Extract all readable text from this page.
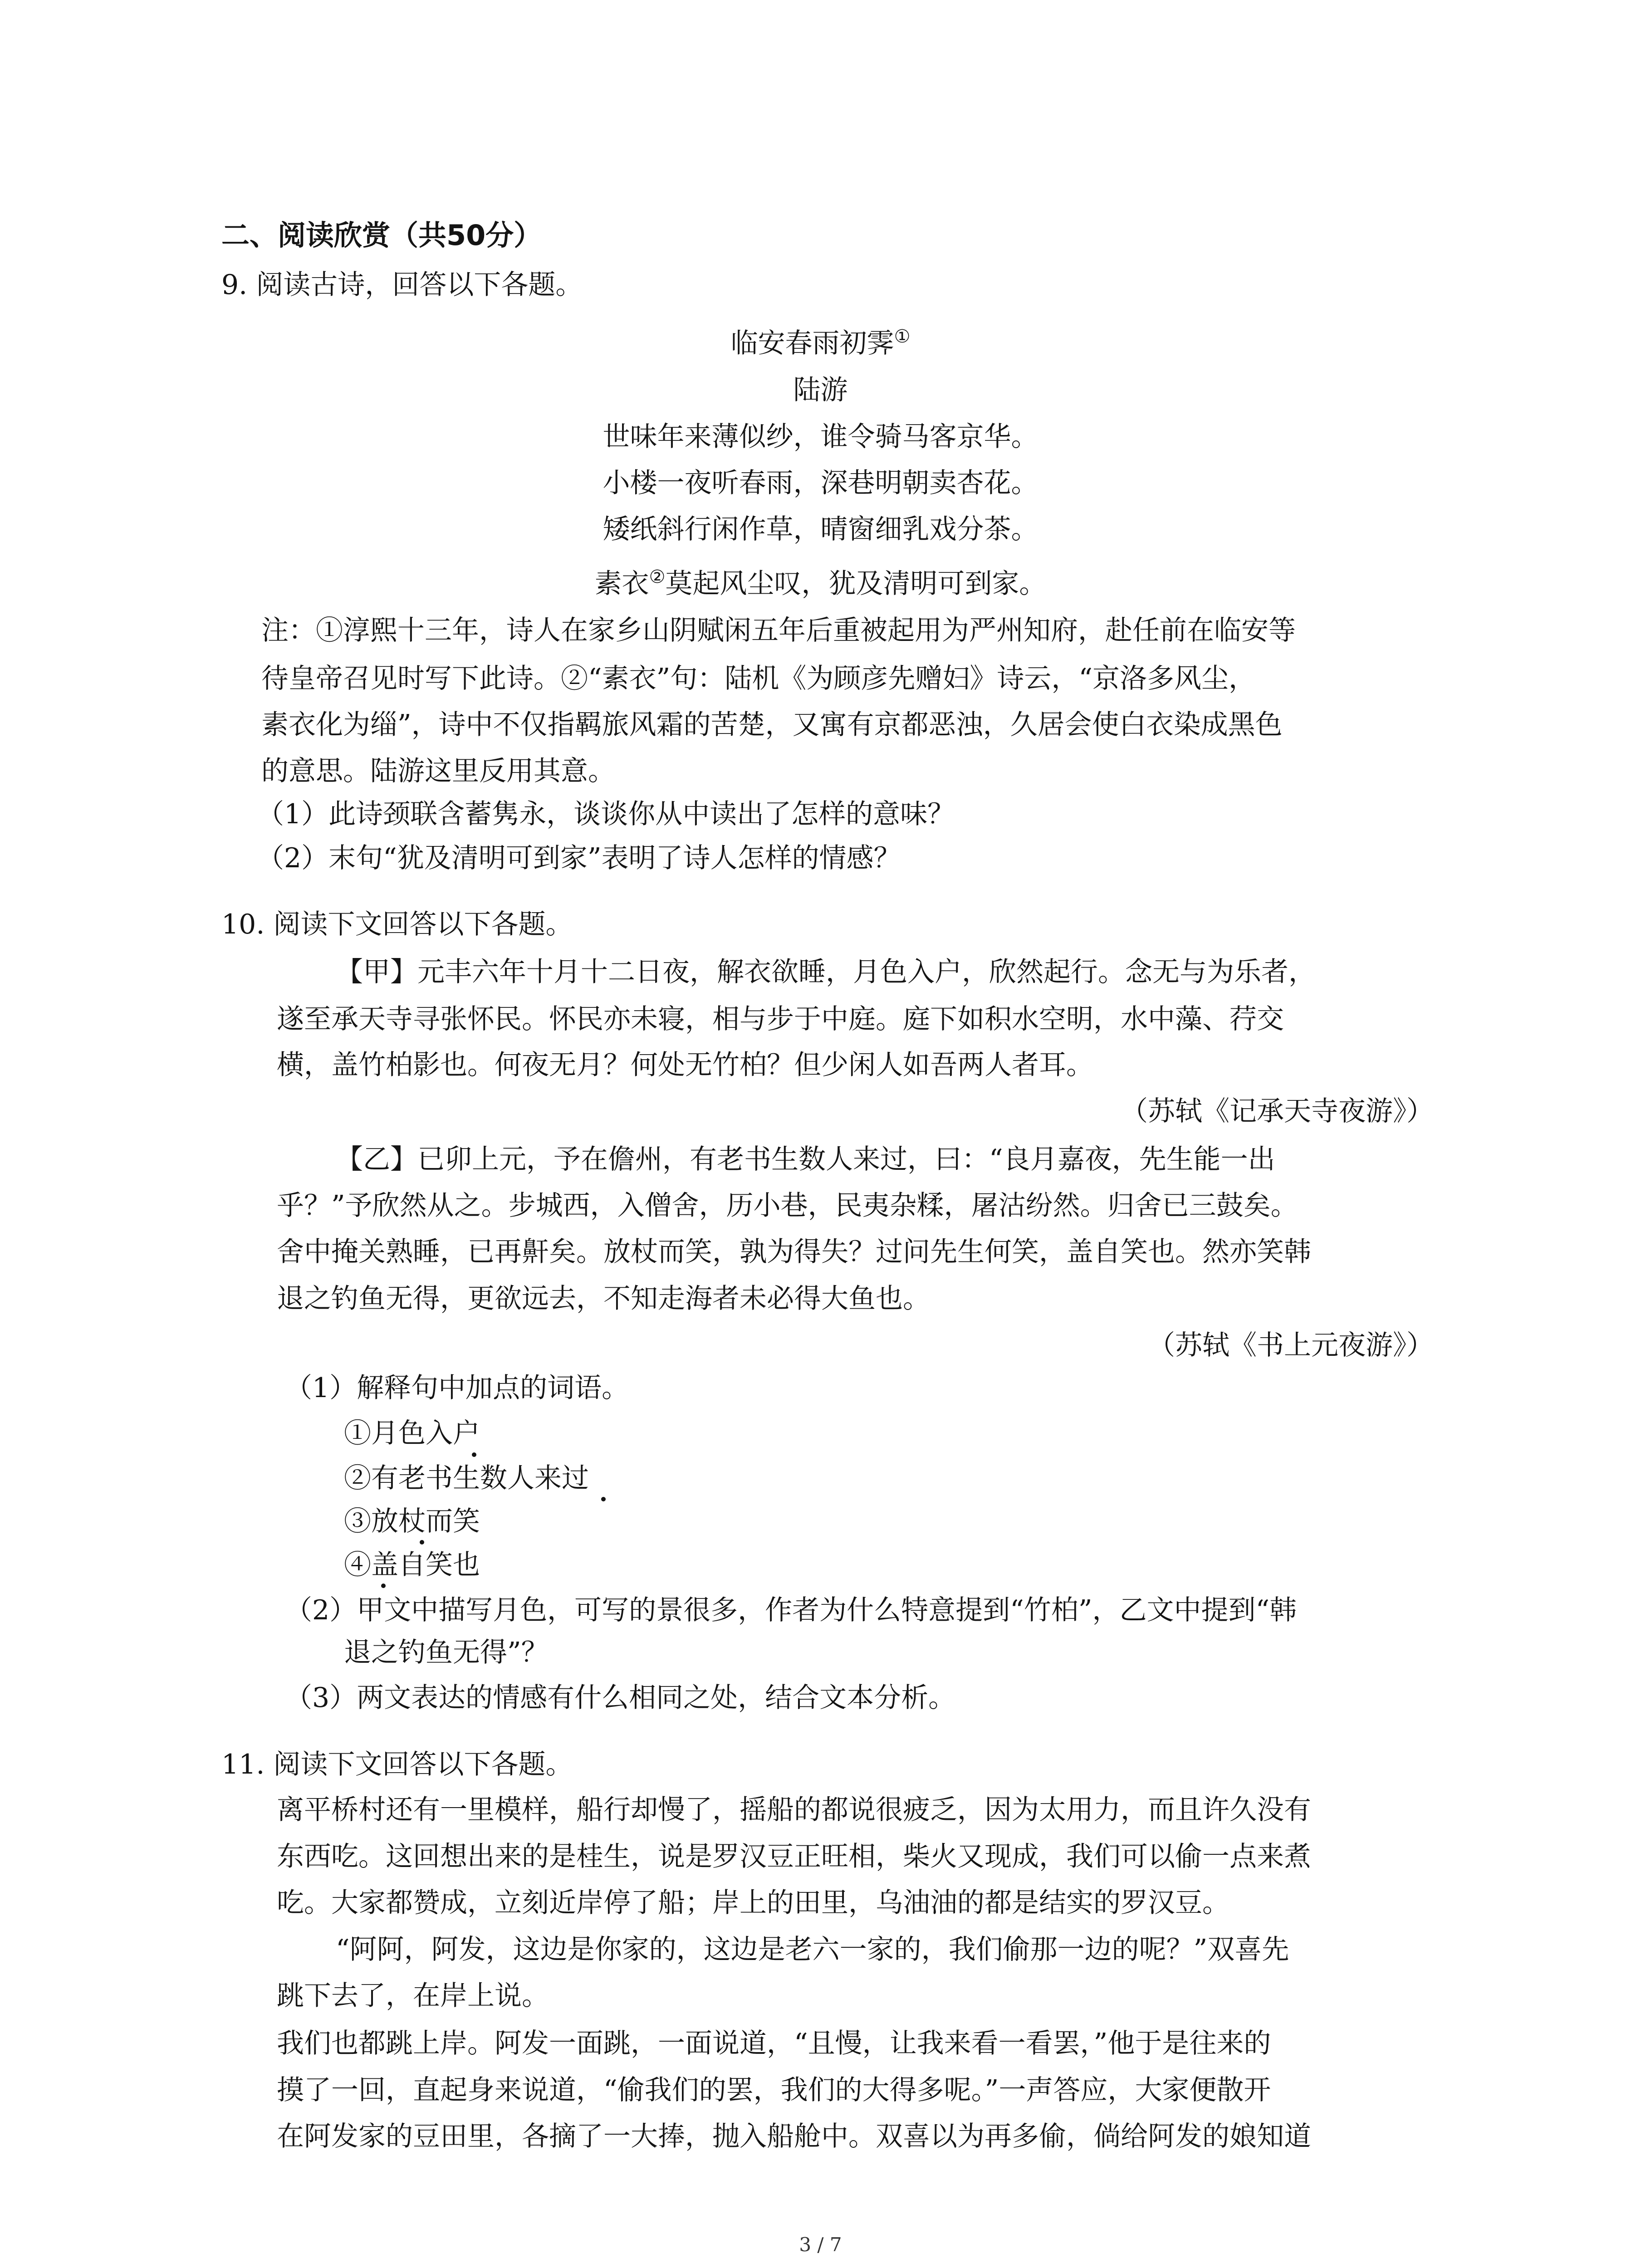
二、阅读欣赏（共50分）
9. 阅读古诗，回答以下各题。
临安春雨初霁①
陆游
世味年来薄似纱，谁令骑马客京华。
小楼一夜听春雨，深巷明朝卖杏花。
矮纸斜行闲作草，晴窗细乳戏分茶。
素衣②莫起风尘叹，犹及清明可到家。
注：①淳熙十三年，诗人在家乡山阴赋闲五年后重被起用为严州知府，赴任前在临安等
待皇帝召见时写下此诗。②“素衣”句：陆机《为顾彦先赠妇》诗云，“京洛多风尘，
素衣化为缁”，诗中不仅指羁旅风霜的苦楚，又寓有京都恶浊，久居会使白衣染成黑色
的意思。陆游这里反用其意。
（1）此诗颈联含蓄隽永，谈谈你从中读出了怎样的意味？
（2）末句“犹及清明可到家”表明了诗人怎样的情感？
10. 阅读下文回答以下各题。
【甲】元丰六年十月十二日夜，解衣欲睡，月色入户，欣然起行。念无与为乐者，
遂至承天寺寻张怀民。怀民亦未寝，相与步于中庭。庭下如积水空明，水中藻、荇交
横，盖竹柏影也。何夜无月？何处无竹柏？但少闲人如吾两人者耳。
（苏轼《记承天寺夜游》）
【乙】已卯上元，予在儋州，有老书生数人来过，曰：“良月嘉夜，先生能一出
乎？”予欣然从之。步城西，入僧舍，历小巷，民夷杂糅，屠沽纷然。归舍已三鼓矣。
舍中掩关熟睡，已再鼾矣。放杖而笑，孰为得失？过问先生何笑，盖自笑也。然亦笑韩
退之钓鱼无得，更欲远去，不知走海者未必得大鱼也。
（苏轼《书上元夜游》）
（1）解释句中加点的词语。
①月色入户
②有老书生数人来过
③放杖而笑
④盖自笑也
（2）甲文中描写月色，可写的景很多，作者为什么特意提到“竹柏”，乙文中提到“韩
退之钓鱼无得”？
（3）两文表达的情感有什么相同之处，结合文本分析。
11. 阅读下文回答以下各题。
离平桥村还有一里模样，船行却慢了，摇船的都说很疲乏，因为太用力，而且许久没有
东西吃。这回想出来的是桂生，说是罗汉豆正旺相，柴火又现成，我们可以偷一点来煮
吃。大家都赞成，立刻近岸停了船；岸上的田里，乌油油的都是结实的罗汉豆。
“阿阿，阿发，这边是你家的，这边是老六一家的，我们偷那一边的呢？”双喜先
跳下去了，在岸上说。
我们也都跳上岸。阿发一面跳，一面说道，“且慢，让我来看一看罢，”他于是往来的
摸了一回，直起身来说道，“偷我们的罢，我们的大得多呢。”一声答应，大家便散开
在阿发家的豆田里，各摘了一大捧，抛入船舱中。双喜以为再多偷，倘给阿发的娘知道
3 / 7
